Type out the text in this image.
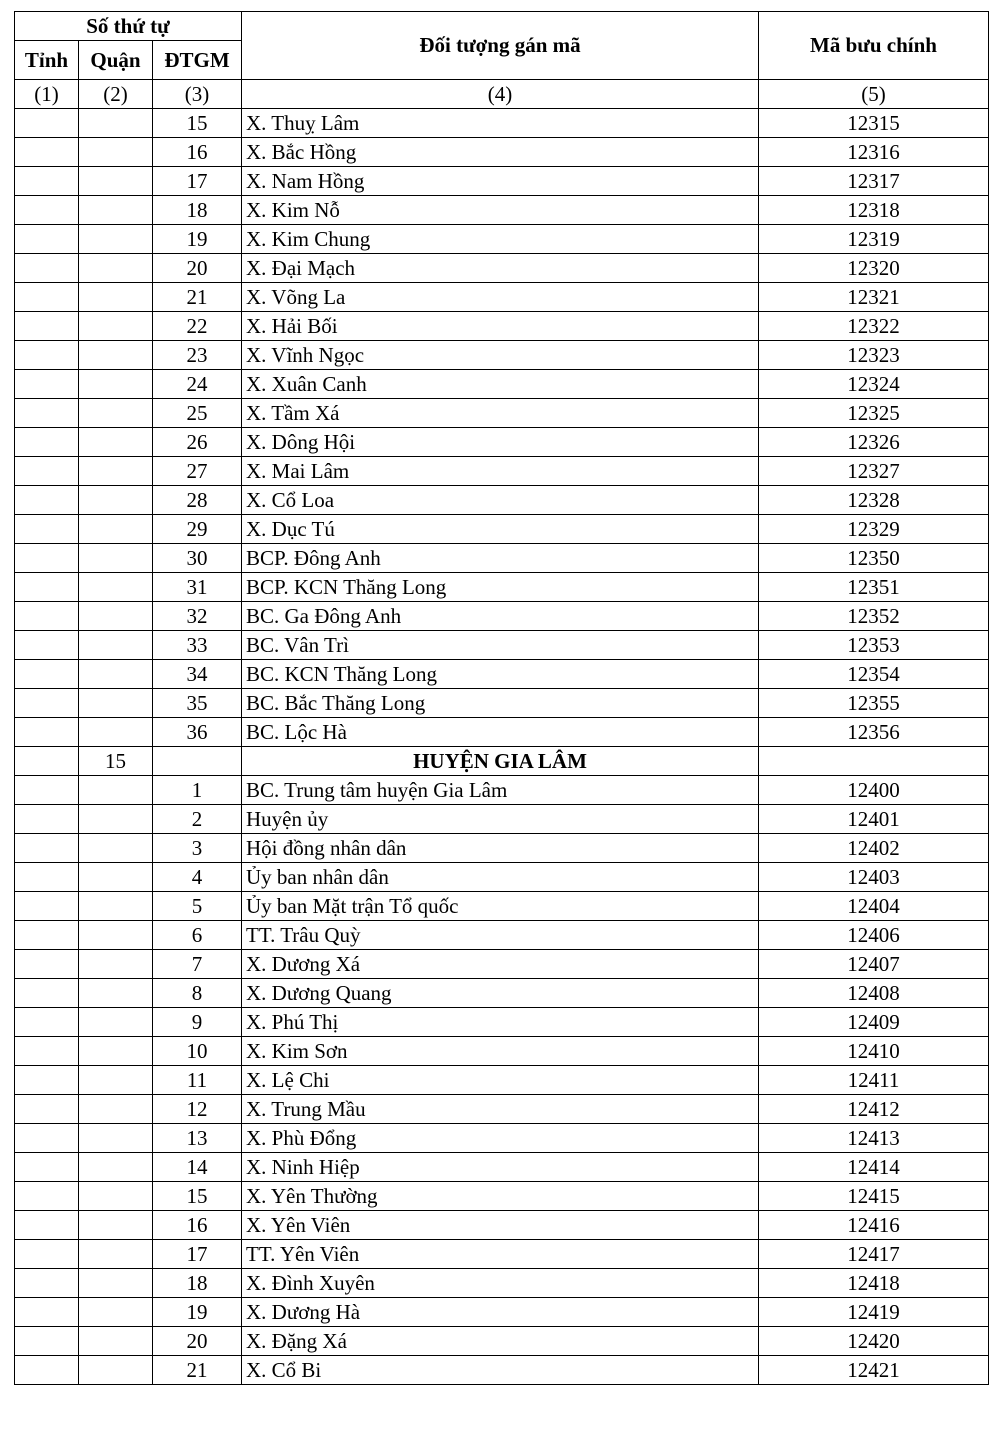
Số thứ tự			Đối tượng gán mã	Mã bưu chính
Tỉnh	Quận	ĐTGM		
(1)	(2)	(3)	(4)	(5)
		15	X. Thuỵ Lâm	12315
		16	X. Bắc Hồng	12316
		17	X. Nam Hồng	12317
		18	X. Kim Nỗ	12318
		19	X. Kim Chung	12319
		20	X. Đại Mạch	12320
		21	X. Võng La	12321
		22	X. Hải Bối	12322
		23	X. Vĩnh Ngọc	12323
		24	X. Xuân Canh	12324
		25	X. Tầm Xá	12325
		26	X. Dông Hội	12326
		27	X. Mai Lâm	12327
		28	X. Cổ Loa	12328
		29	X. Dục Tú	12329
		30	BCP. Đông Anh	12350
		31	BCP. KCN Thăng Long	12351
		32	BC. Ga Đông Anh	12352
		33	BC. Vân Trì	12353
		34	BC. KCN Thăng Long	12354
		35	BC. Bắc Thăng Long	12355
		36	BC. Lộc Hà	12356
	15		HUYỆN GIA LÂM	
		1	BC. Trung tâm huyện Gia Lâm	12400
		2	Huyện ủy	12401
		3	Hội đồng nhân dân	12402
		4	Ủy ban nhân dân	12403
		5	Ủy ban Mặt trận Tổ quốc	12404
		6	TT. Trâu Quỳ	12406
		7	X. Dương Xá	12407
		8	X. Dương Quang	12408
		9	X. Phú Thị	12409
		10	X. Kim Sơn	12410
		11	X. Lệ Chi	12411
		12	X. Trung Mầu	12412
		13	X. Phù Đổng	12413
		14	X. Ninh Hiệp	12414
		15	X. Yên Thường	12415
		16	X. Yên Viên	12416
		17	TT. Yên Viên	12417
		18	X. Đình Xuyên	12418
		19	X. Dương Hà	12419
		20	X. Đặng Xá	12420
		21	X. Cổ Bi	12421
